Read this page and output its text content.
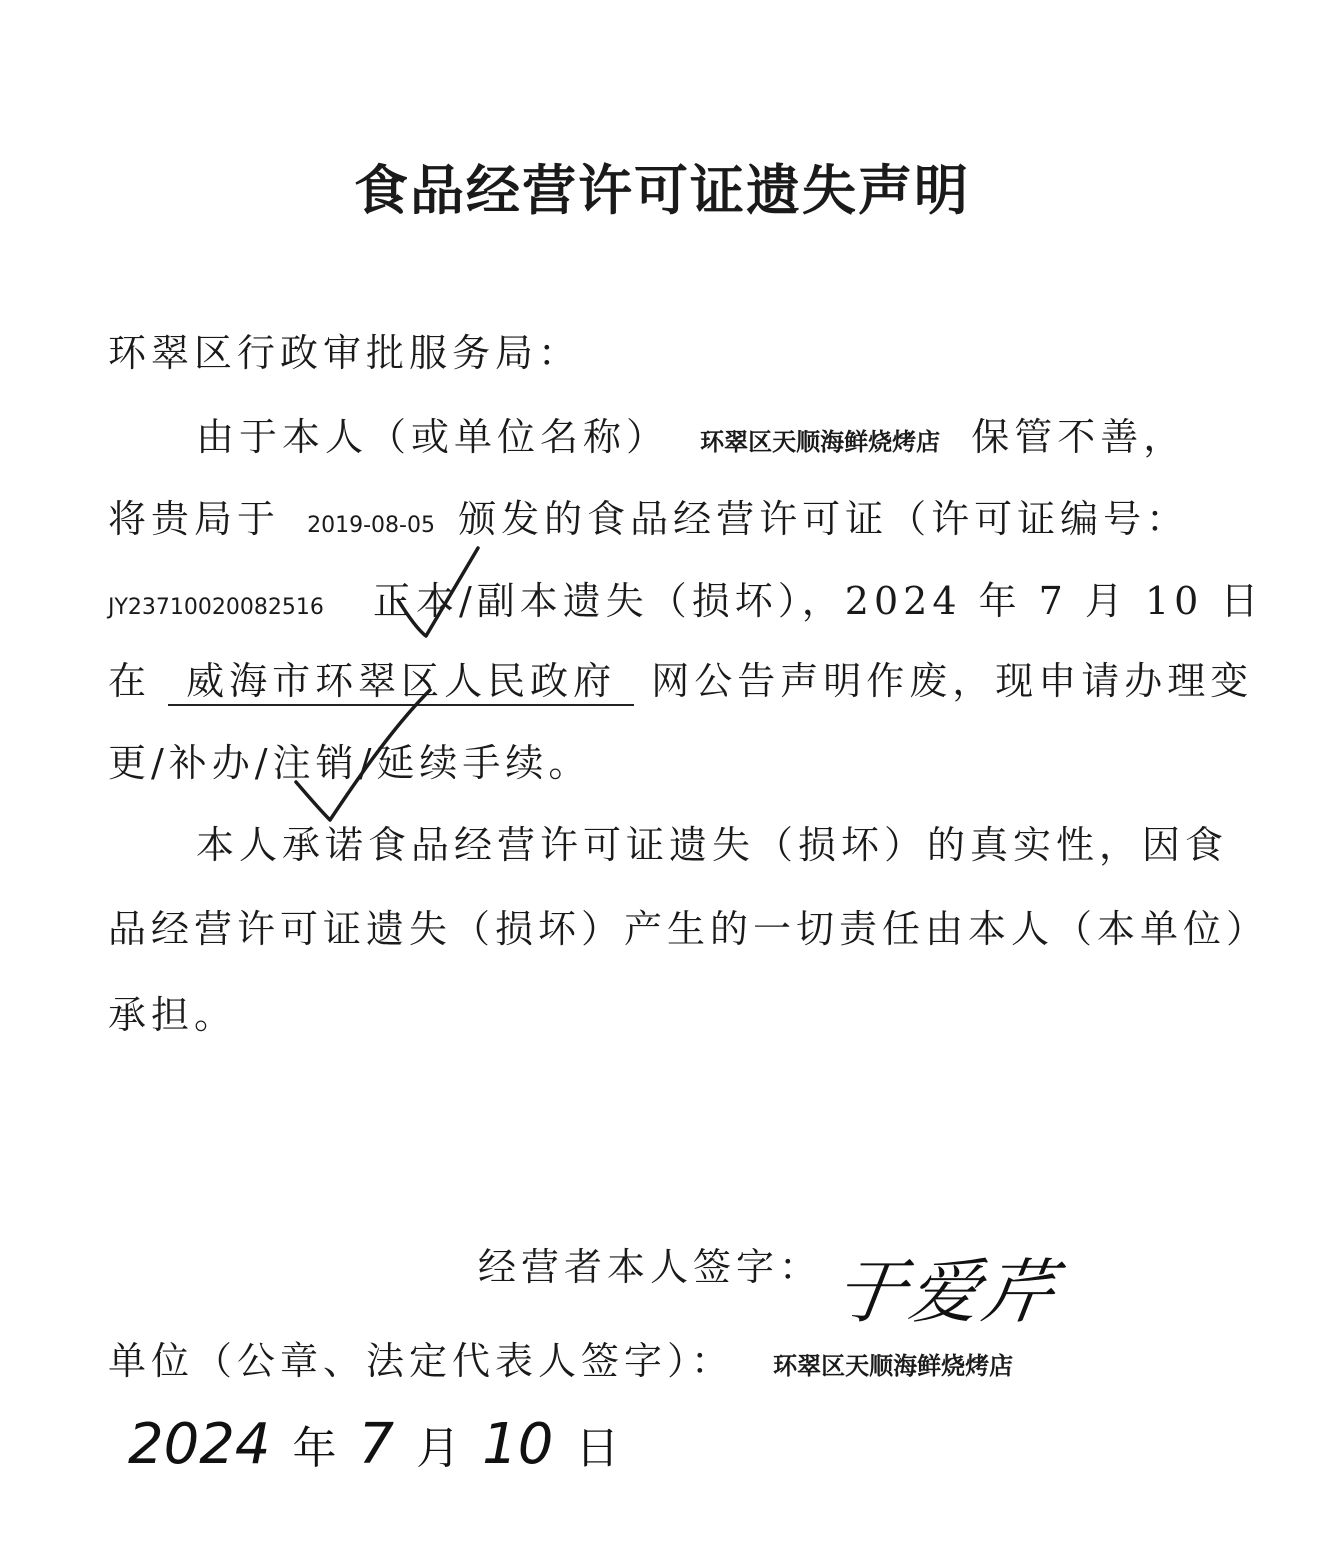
食品经营许可证遗失声明
环翠区行政审批服务局：
由于本人（或单位名称） 环翠区天顺海鲜烧烤店 保管不善，
将贵局于 2019-08-05 颁发的食品经营许可证（许可证编号：
JY23710020082516 正本/副本遗失（损坏），2024 年 7 月 10 日
在 威海市环翠区人民政府 网公告声明作废，现申请办理变
更/补办/注销/延续手续。
本人承诺食品经营许可证遗失（损坏）的真实性，因食
品经营许可证遗失（损坏）产生的一切责任由本人（本单位）
承担。
经营者本人签字： 于爱芹
单位（公章、法定代表人签字）： 环翠区天顺海鲜烧烤店
2024 年 7 月 10 日
